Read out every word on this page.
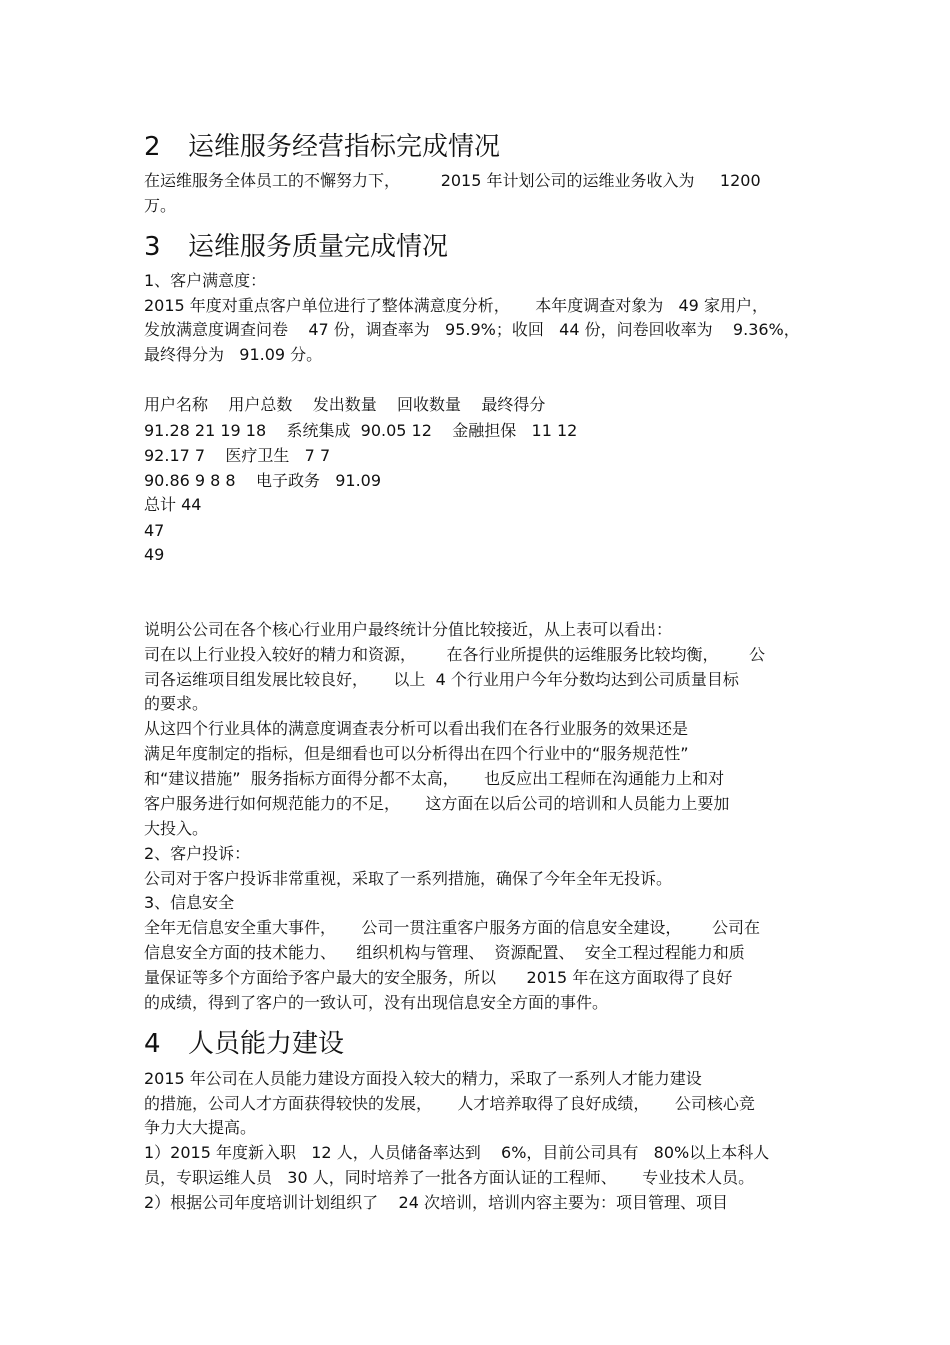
2 运维服务经营指标完成情况
在运维服务全体员工的不懈努力下，        2015 年计划公司的运维业务收入为     1200
万。
3 运维服务质量完成情况
1、客户满意度：
2015 年度对重点客户单位进行了整体满意度分析，     本年度调查对象为   49 家用户，
发放满意度调查问卷    47 份，调查率为   95.9%；收回   44 份，问卷回收率为    9.36%，
最终得分为   91.09 分。
用户名称    用户总数    发出数量    回收数量    最终得分
91.28 21 19 18    系统集成  90.05 12    金融担保   11 12
92.17 7    医疗卫生   7 7
90.86 9 8 8    电子政务   91.09
总计 44
47
49
说明公公司在各个核心行业用户最终统计分值比较接近，从上表可以看出：
司在以上行业投入较好的精力和资源，      在各行业所提供的运维服务比较均衡，      公
司各运维项目组发展比较良好，     以上  4 个行业用户今年分数均达到公司质量目标
的要求。
从这四个行业具体的满意度调查表分析可以看出我们在各行业服务的效果还是
满足年度制定的指标，但是细看也可以分析得出在四个行业中的“服务规范性”
和“建议措施”  服务指标方面得分都不太高，     也反应出工程师在沟通能力上和对
客户服务进行如何规范能力的不足，     这方面在以后公司的培训和人员能力上要加
大投入。
2、客户投诉：
公司对于客户投诉非常重视，采取了一系列措施，确保了今年全年无投诉。
3、信息安全
全年无信息安全重大事件，     公司一贯注重客户服务方面的信息安全建设，      公司在
信息安全方面的技术能力、    组织机构与管理、  资源配置、  安全工程过程能力和质
量保证等多个方面给予客户最大的安全服务，所以      2015 年在这方面取得了良好
的成绩，得到了客户的一致认可，没有出现信息安全方面的事件。
4 人员能力建设
2015 年公司在人员能力建设方面投入较大的精力，采取了一系列人才能力建设
的措施，公司人才方面获得较快的发展，     人才培养取得了良好成绩，     公司核心竞
争力大大提高。
1）2015 年度新入职   12 人，人员储备率达到    6%，目前公司具有   80%以上本科人
员，专职运维人员   30 人，同时培养了一批各方面认证的工程师、     专业技术人员。
2）根据公司年度培训计划组织了    24 次培训，培训内容主要为：项目管理、项目
